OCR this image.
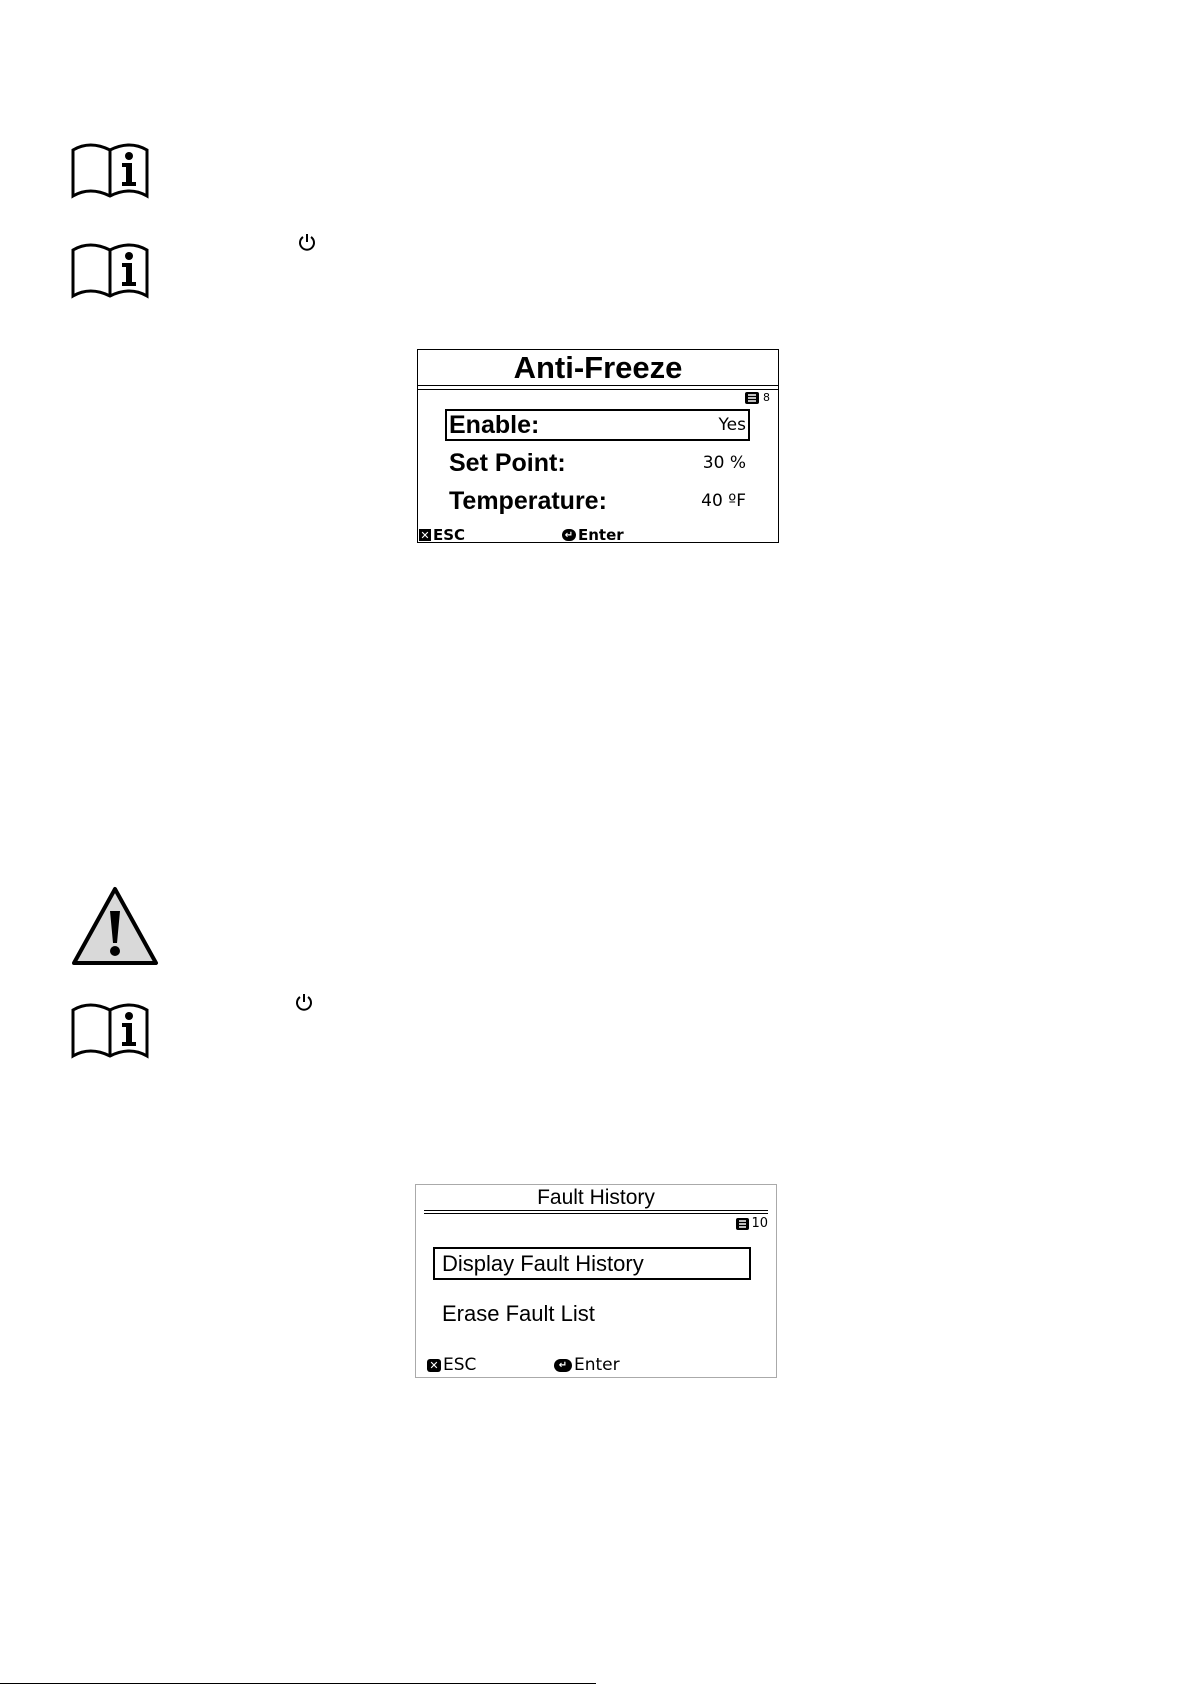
Anti-Freeze
8
Enable:	Yes
Set Point:	30 %
Temperature:	40 ºF
✕ ESC	↵ Enter
Fault History
10
Display Fault History
Erase Fault List
✕ ESC	↵ Enter
